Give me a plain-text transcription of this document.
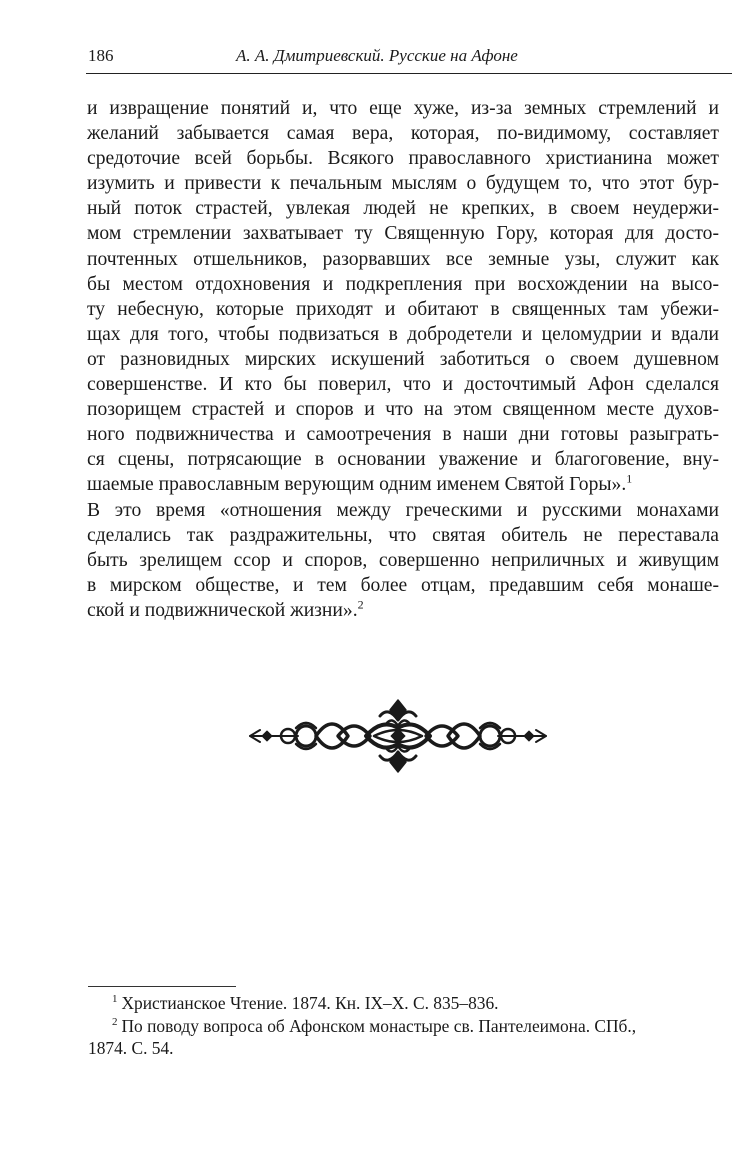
186	А. А. Дмитриевский. Русские на Афоне
и извращение понятий и, что еще хуже, из-за земных стремлений и
желаний забывается самая вера, которая, по-видимому, составляет
средоточие всей борьбы. Всякого православного христианина может
изумить и привести к печальным мыслям о будущем то, что этот бур-
ный поток страстей, увлекая людей не крепких, в своем неудержи-
мом стремлении захватывает ту Священную Гору, которая для досто-
почтенных отшельников, разорвавших все земные узы, служит как
бы местом отдохновения и подкрепления при восхождении на высо-
ту небесную, которые приходят и обитают в священных там убежи-
щах для того, чтобы подвизаться в добродетели и целомудрии и вдали
от разновидных мирских искушений заботиться о своем душевном
совершенстве. И кто бы поверил, что и досточтимый Афон сделался
позорищем страстей и споров и что на этом священном месте духов-
ного подвижничества и самоотречения в наши дни готовы разыграть-
ся сцены, потрясающие в основании уважение и благоговение, вну-
шаемые православным верующим одним именем Святой Горы».$^1$
В это время «отношения между греческими и русскими монахами
сделались так раздражительны, что святая обитель не переставала
быть зрелищем ссор и споров, совершенно неприличных и живущим
в мирском обществе, и тем более отцам, предавшим себя монаше-
ской и подвижнической жизни».$^2$
$^1$ Христианское Чтение. 1874. Кн. IX–X. С. 835–836.
$^2$ По поводу вопроса об Афонском монастыре св. Пантелеимона. СПб.,
1874. С. 54.
